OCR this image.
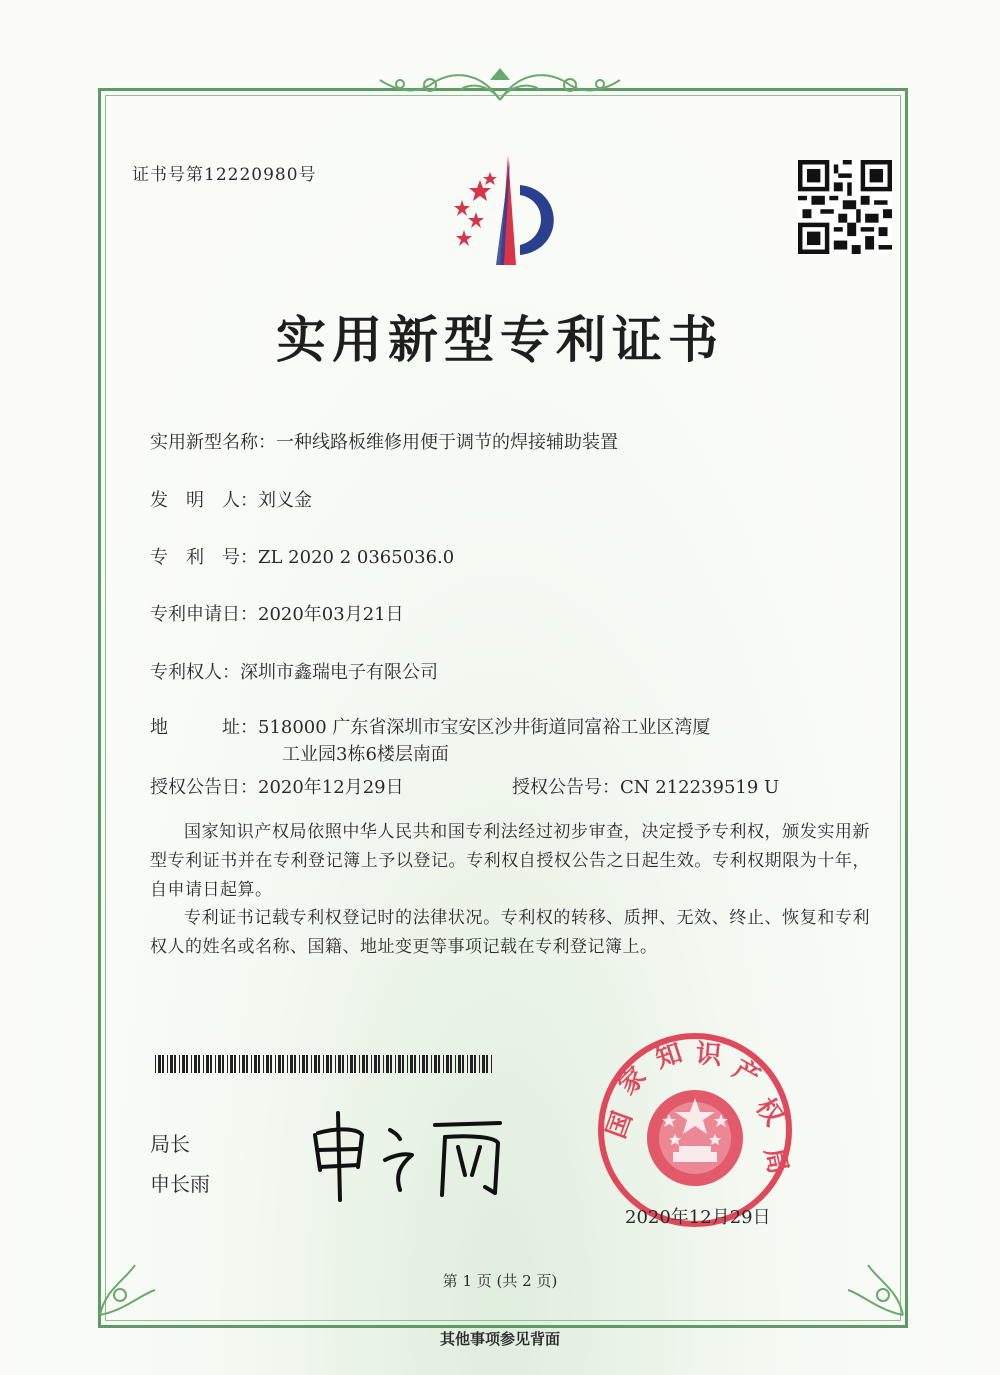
证书号第12220980号
实用新型专利证书
实用新型名称：一种线路板维修用便于调节的焊接辅助装置
发　明　人：刘义金
专　利　号：ZL 2020 2 0365036.0
专利申请日：2020年03月21日
专利权人：深圳市鑫瑞电子有限公司
地　　　址：518000 广东省深圳市宝安区沙井街道同富裕工业区湾厦
工业园3栋6楼层南面
授权公告日：2020年12月29日	授权公告号：CN 212239519 U
国家知识产权局依照中华人民共和国专利法经过初步审查，决定授予专利权，颁发实用新型专利证书并在专利登记簿上予以登记。专利权自授权公告之日起生效。专利权期限为十年，自申请日起算。
专利证书记载专利权登记时的法律状况。专利权的转移、质押、无效、终止、恢复和专利权人的姓名或名称、国籍、地址变更等事项记载在专利登记簿上。
局长
申长雨
国
家
知 识 产
权
局
2020年12月29日
第 1 页 (共 2 页)
其他事项参见背面
